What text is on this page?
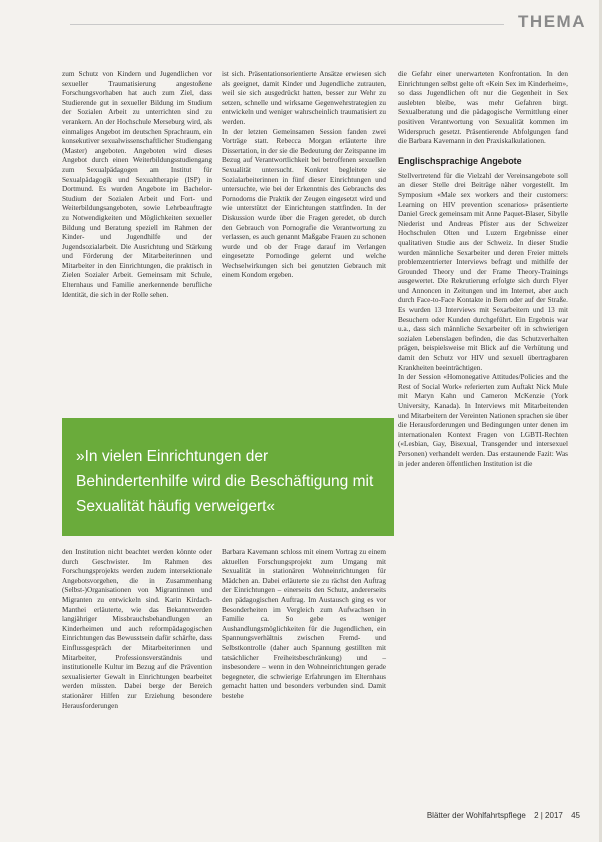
THEMA

zum Schutz von Kindern und Jugendlichen vor sexueller Traumatisierung angestoßene Forschungsvorhaben hat auch zum Ziel, dass Studierende gut in sexueller Bildung im Studium der Sozialen Arbeit zu unterrichten sind zu verankern. An der Hochschule Merseburg wird, als einmaliges Angebot im deutschen Sprachraum, ein konsekutiver sexualwissenschaftlicher Studiengang (Master) angeboten. Angeboten wird dieses Angebot durch einen Weiterbildungsstudiengang zum Sexualpädagogen am Institut für Sexualpädagogik und Sexualtherapie (ISP) in Dortmund. Es wurden Angebote im Bachelor-Studium der Sozialen Arbeit und Fort- und Weiterbildungsangeboten, sowie Lehrbeauftragte zu Notwendigkeiten und Möglichkeiten sexueller Bildung und Beratung speziell im Rahmen der Kinder- und Jugendhilfe und der Jugendsozialarbeit. Die Ausrichtung und Stärkung und Förderung der Mitarbeiterinnen und Mitarbeiter in den Einrichtungen, die praktisch in Zielen Sozialer Arbeit. Gemeinsam mit Schule, Elternhaus und Familie anerkennende berufliche Identität, die sich in der Rolle sehen.

ist sich. Präsentationsorientierte Ansätze erwiesen sich als geeignet, damit Kinder und Jugendliche zutrauten, weil sie sich ausgedrückt hatten, besser zur Wehr zu setzen, schnelle und wirksame Gegenwehrstrategien zu entwickeln und weniger wahrscheinlich traumatisiert zu werden.
In der letzten Gemeinsamen Session fanden zwei Vorträge statt. Rebecca Morgan erläuterte ihre Dissertation, in der sie die Bedeutung der Zeitspanne im Bezug auf Verantwortlichkeit bei betroffenen sexuellen Sexualität untersucht. Konkret begleitete sie Sozialarbeiterinnen in fünf dieser Einrichtungen und untersuchte, wie bei der Erkenntnis des Gebrauchs des Pornodorns die Praktik der Zeugen eingesetzt wird und wie unterstützt der Einrichtungen stattfinden. In der Diskussion wurde über die Fragen geredet, ob durch den Gebrauch von Pornografie die Verantwortung zu verlassen, es auch genannt Maßgabe Frauen zu schonen wurde und ob der Frage darauf im Verlangen eingesetzte Pornodinge gelernt und welche Wechselwirkungen sich bei genutzten Gebrauch mit einem Kondom ergeben.

die Gefahr einer unerwarteten Konfrontation. In den Einrichtungen selbst gelte oft «Kein Sex im Kinderheim», so dass Jugendlichen oft nur die Gegenheit in Sex auslebten bleibe, was mehr Gefahren birgt. Sexualberatung und die pädagogische Vermittlung einer positiven Verantwortung von Sexualität kommen im Widerspruch gesetzt. Präsentierende Abfolgungen fand die Barbara Kavemann in den Praxiskalkulationen.

Englischsprachige Angebote

Stellvertretend für die Vielzahl der Vereinsangebote soll an dieser Stelle drei Beiträge näher vorgestellt. Im Symposium «Male sex workers and their customers: Learning on HIV prevention scenarios» präsentierte Daniel Greck gemeinsam mit Anne Paquet-Blaser, Sibylle Niederist und Andreas Pfister aus der Schweizer Hochschulen Olten und Luzern Ergebnisse einer qualitativen Studie aus der Schweiz. In dieser Studie wurden männliche Sexarbeiter und deren Freier mittels problemzentrierter Interviews befragt und mithilfe der Grounded Theory und der Frame Theory-Trainings ausgewertet. Die Rekrutierung erfolgte sich durch Flyer und Annoncen in Zeitungen und im Internet, aber auch durch Face-to-Face Kontakte in Bern oder auf der Straße. Es wurden 13 Interviews mit Sexarbeitern und 13 mit Besuchern oder Kunden durchgeführt. Ein Ergebnis war u.a., dass sich männliche Sexarbeiter oft in schwierigen sozialen Lebenslagen befinden, die das Schutzverhalten prägen, beispielsweise mit Blick auf die Verhütung und damit den Schutz vor HIV und sexuell übertragbaren Krankheiten beeinträchtigen.
In der Session «Homonegative Attitudes/Policies and the Rest of Social Work» referierten zum Auftakt Nick Mule mit Maryn Kahn und Cameron McKenzie (York University, Kanada). In Interviews mit Mitarbeitenden und Mitarbeitern der Vereinten Nationen sprachen sie über die Herausforderungen und Bedingungen unter denen im internationalen Kontext Fragen von LGBTI-Rechten («Lesbian, Gay, Bisexual, Transgender und intersexuel Personen) verhandelt werden. Das erstaunende Fazit: Was in jeder anderen öffentlichen Institution ist die

»In vielen Einrichtungen der Behindertenhilfe wird die Beschäftigung mit Sexualität häufig verweigert«

den Institution nicht beachtet werden könnte oder durch Geschwister. Im Rahmen des Forschungsprojekts werden zudem intersektionale Angebotsvorgehen, die in Zusammenhang (Selbst-)Organisationen von Migrantinnen und Migranten zu entwickeln sind. Karin Kirdach-Manthei erläuterte, wie das Bekanntwerden langjähriger Missbrauchsbehandlungen an Kinderheimen und auch reformpädagogischen Einrichtungen das Bewusstsein dafür schärfte, dass Einflussgespräch der Mitarbeiterinnen und Mitarbeiter, Professionsverständnis und institutionelle Kultur im Bezug auf die Prävention sexualisierter Gewalt in Einrichtungen bearbeitet werden müssten. Dabei berge der Bereich stationärer Hilfen zur Erziehung besondere Herausforderungen

Barbara Kavemann schloss mit einem Vortrag zu einem aktuellen Forschungsprojekt zum Umgang mit Sexualität in stationären Wohneinrichtungen für Mädchen an. Dabei erläuterte sie zu rächst den Auftrag der Einrichtungen – einerseits den Schutz, andererseits den pädagogischen Auftrag. Im Austausch ging es vor Besonderheiten im Vergleich zum Aufwachsen in Familie ca. So gebe es weniger Aushandlungsmöglichkeiten für die Jugendlichen, ein Spannungsverhältnis zwischen Fremd- und Selbstkontrolle (daher auch Spannung gestillten mit tatsächlicher Freiheitsbeschränkung) und – insbesondere – wenn in den Wohneinrichtungen gerade begegneter, die schwierige Erfahrungen im Elternhaus gemacht hatten und besonders verbunden sind. Damit bestehe

Blätter der Wohlfahrtspflege 2 | 2017 45
